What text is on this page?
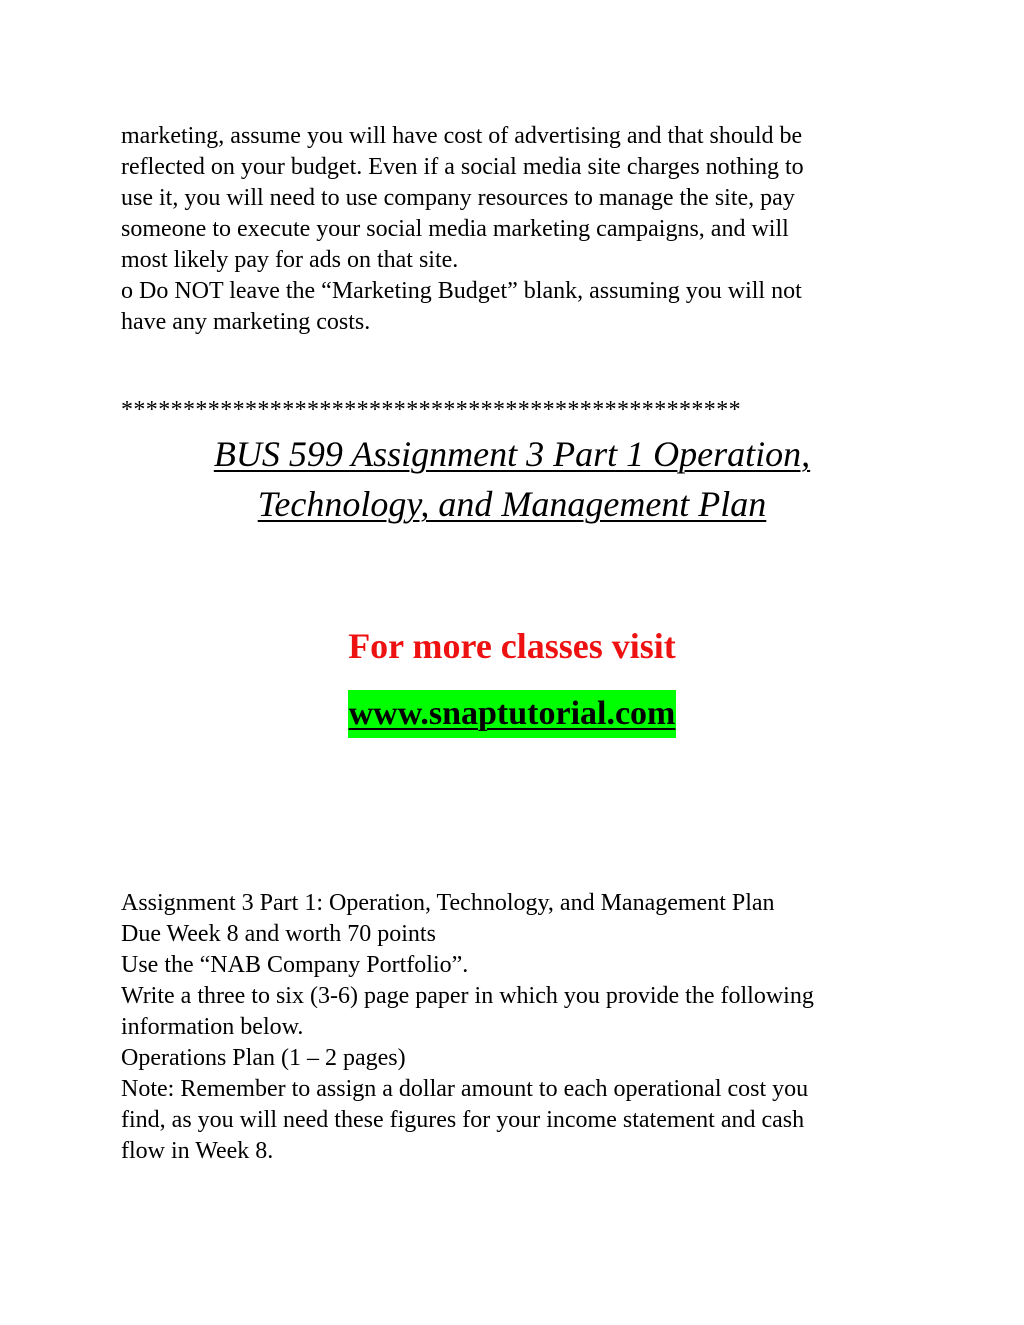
marketing, assume you will have cost of advertising and that should be

reflected on your budget. Even if a social media site charges nothing to

use it, you will need to use company resources to manage the site, pay

someone to execute your social media marketing campaigns, and will

most likely pay for ads on that site.

o Do NOT leave the “Marketing Budget” blank, assuming you will not

have any marketing costs.

**************************************************
BUS 599 Assignment 3 Part 1 Operation,
Technology, and Management Plan
For more classes visit
www.snaptutorial.com

Assignment 3 Part 1: Operation, Technology, and Management Plan

Due Week 8 and worth 70 points

Use the “NAB Company Portfolio”.

Write a three to six (3-6) page paper in which you provide the following

information below.

Operations Plan (1 – 2 pages)

Note: Remember to assign a dollar amount to each operational cost you

find, as you will need these figures for your income statement and cash

flow in Week 8.
